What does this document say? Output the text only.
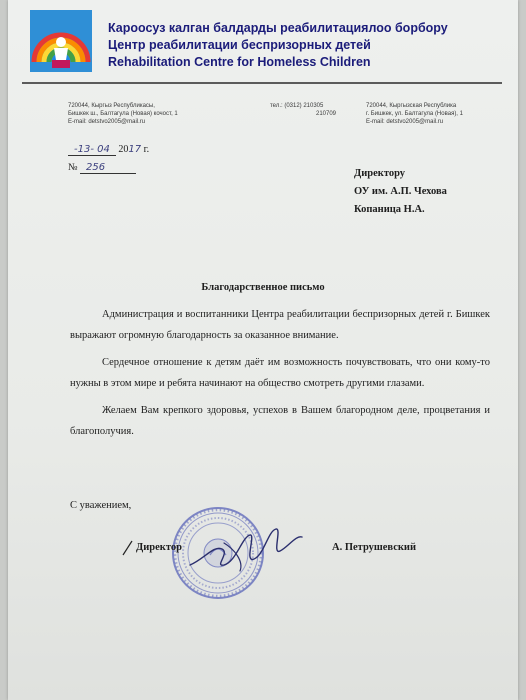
Кароосуз калган балдарды реабилитациялоо борбору
Центр реабилитации беспризорных детей
Rehabilitation Centre for Homeless Children
720044, Кыргыз Республикасы,
Бишкек ш., Балтагула (Новая) кочоcт, 1
E-mail: detstvo2005@mail.ru
тел.: (0312) 210305
210709
720044, Кыргызская Республика
г. Бишкек, ул. Балтагула (Новая), 1
E-mail: detstvo2005@mail.ru
-13- 04 2017 г.
№ 256
Директору
ОУ им. А.П. Чехова
Копаница Н.А.
Благодарственное письмо

Администрация и воспитанники Центра реабилитации беспризорных детей г. Бишкек выражают огромную благодарность за оказанное внимание.

Сердечное отношение к детям даёт им возможность почувствовать, что они кому-то нужны в этом мире и ребята начинают на общество смотреть другими глазами.

Желаем Вам крепкого здоровья, успехов в Вашем благородном деле, процветания и благополучия.

С уважением,
Директор	А. Петрушевский
